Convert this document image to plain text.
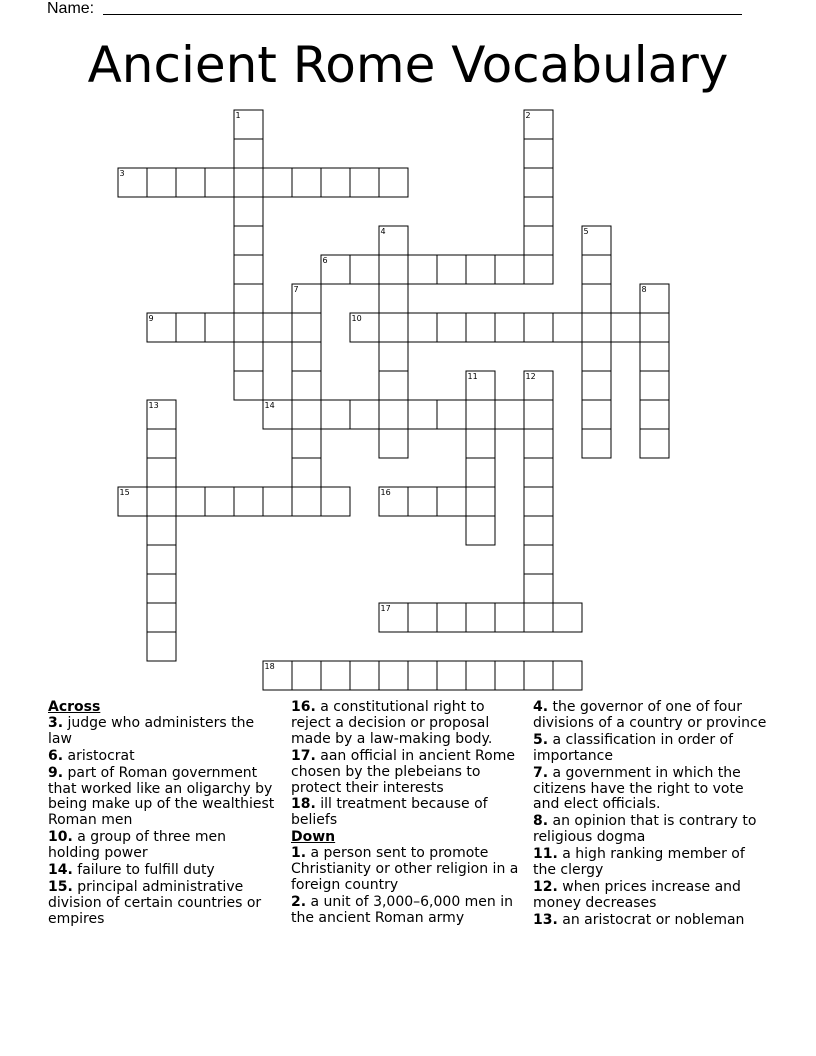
Name:
Ancient Rome Vocabulary
1	2
3
4	5
6
7	8
9	10
11	12
13	14
15	16
17
18
Across
3. judge who administers the law
6. aristocrat
9. part of Roman government that worked like an oligarchy by being make up of the wealthiest Roman men
10. a group of three men holding power
14. failure to fulfill duty
15. principal administrative division of certain countries or empires
16. a constitutional right to reject a decision or proposal made by a law-making body.
17. aan official in ancient Rome chosen by the plebeians to protect their interests
18. ill treatment because of beliefs
Down
1. a person sent to promote Christianity or other religion in a foreign country
2. a unit of 3,000–6,000 men in the ancient Roman army
4. the governor of one of four divisions of a country or province
5. a classification in order of importance
7. a government in which the citizens have the right to vote and elect officials.
8. an opinion that is contrary to religious dogma
11. a high ranking member of the clergy
12. when prices increase and money decreases
13. an aristocrat or nobleman
